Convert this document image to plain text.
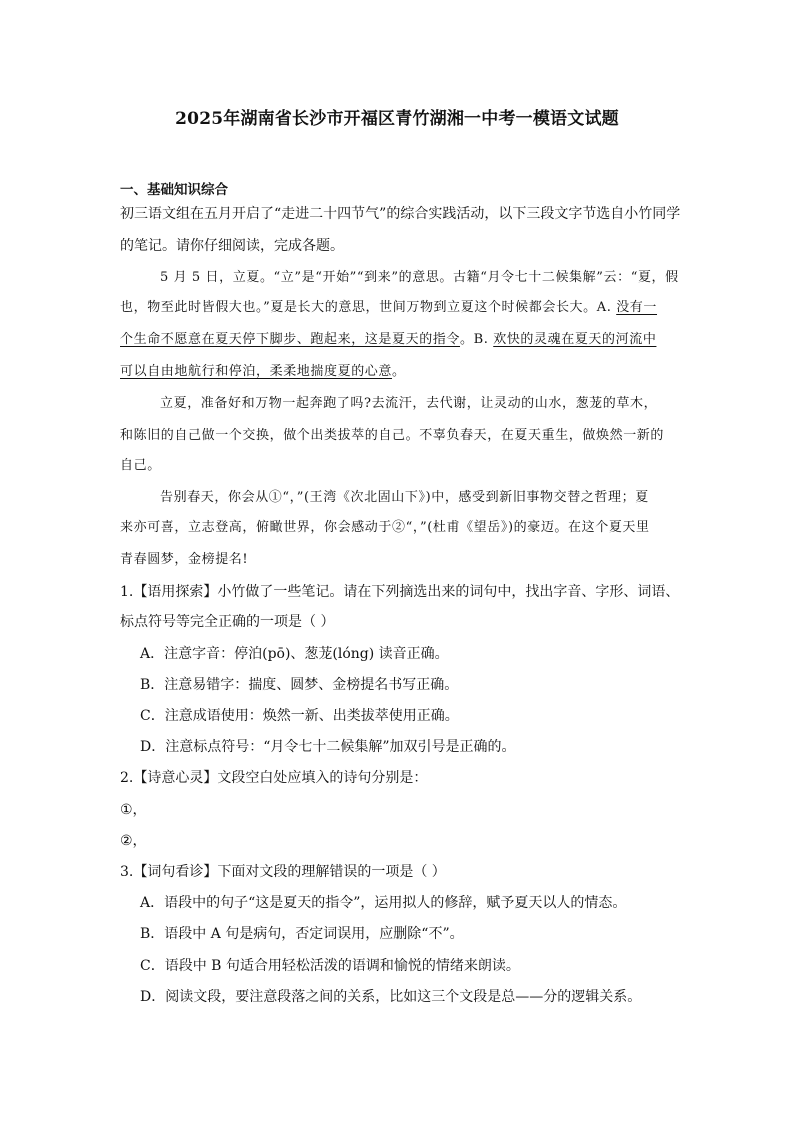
2025年湖南省长沙市开福区青竹湖湘一中考一模语文试题
一、基础知识综合
初三语文组在五月开启了“走进二十四节气”的综合实践活动，以下三段文字节选自小竹同学
的笔记。请你仔细阅读，完成各题。
5 月 5 日，立夏。“立”是“开始”“到来”的意思。古籍“月令七十二候集解”云：“夏，假
也，物至此时皆假大也。”夏是长大的意思，世间万物到立夏这个时候都会长大。A. 没有一
个生命不愿意在夏天停下脚步、跑起来，这是夏天的指令。B. 欢快的灵魂在夏天的河流中
可以自由地航行和停泊，柔柔地揣度夏的心意。
立夏，准备好和万物一起奔跑了吗?去流汗，去代谢，让灵动的山水，葱茏的草木，
和陈旧的自己做一个交换，做个出类拔萃的自己。不辜负春天，在夏天重生，做焕然一新的
自己。
告别春天，你会从①“，”(王湾《次北固山下》)中，感受到新旧事物交替之哲理；夏
来亦可喜，立志登高，俯瞰世界，你会感动于②“，”(杜甫《望岳》)的豪迈。在这个夏天里
青春圆梦，金榜提名!
1.【语用探索】小竹做了一些笔记。请在下列摘选出来的词句中，找出字音、字形、词语、
标点符号等完全正确的一项是（ ）
A．注意字音：停泊(pō)、葱茏(lóng) 读音正确。
B．注意易错字：揣度、圆梦、金榜提名书写正确。
C．注意成语使用：焕然一新、出类拔萃使用正确。
D．注意标点符号：“月令七十二候集解”加双引号是正确的。
2.【诗意心灵】文段空白处应填入的诗句分别是：
①，
②，
3.【词句看诊】下面对文段的理解错误的一项是（ ）
A．语段中的句子“这是夏天的指令”，运用拟人的修辞，赋予夏天以人的情态。
B．语段中 A 句是病句，否定词误用，应删除“不”。
C．语段中 B 句适合用轻松活泼的语调和愉悦的情绪来朗读。
D．阅读文段，要注意段落之间的关系，比如这三个文段是总——分的逻辑关系。
